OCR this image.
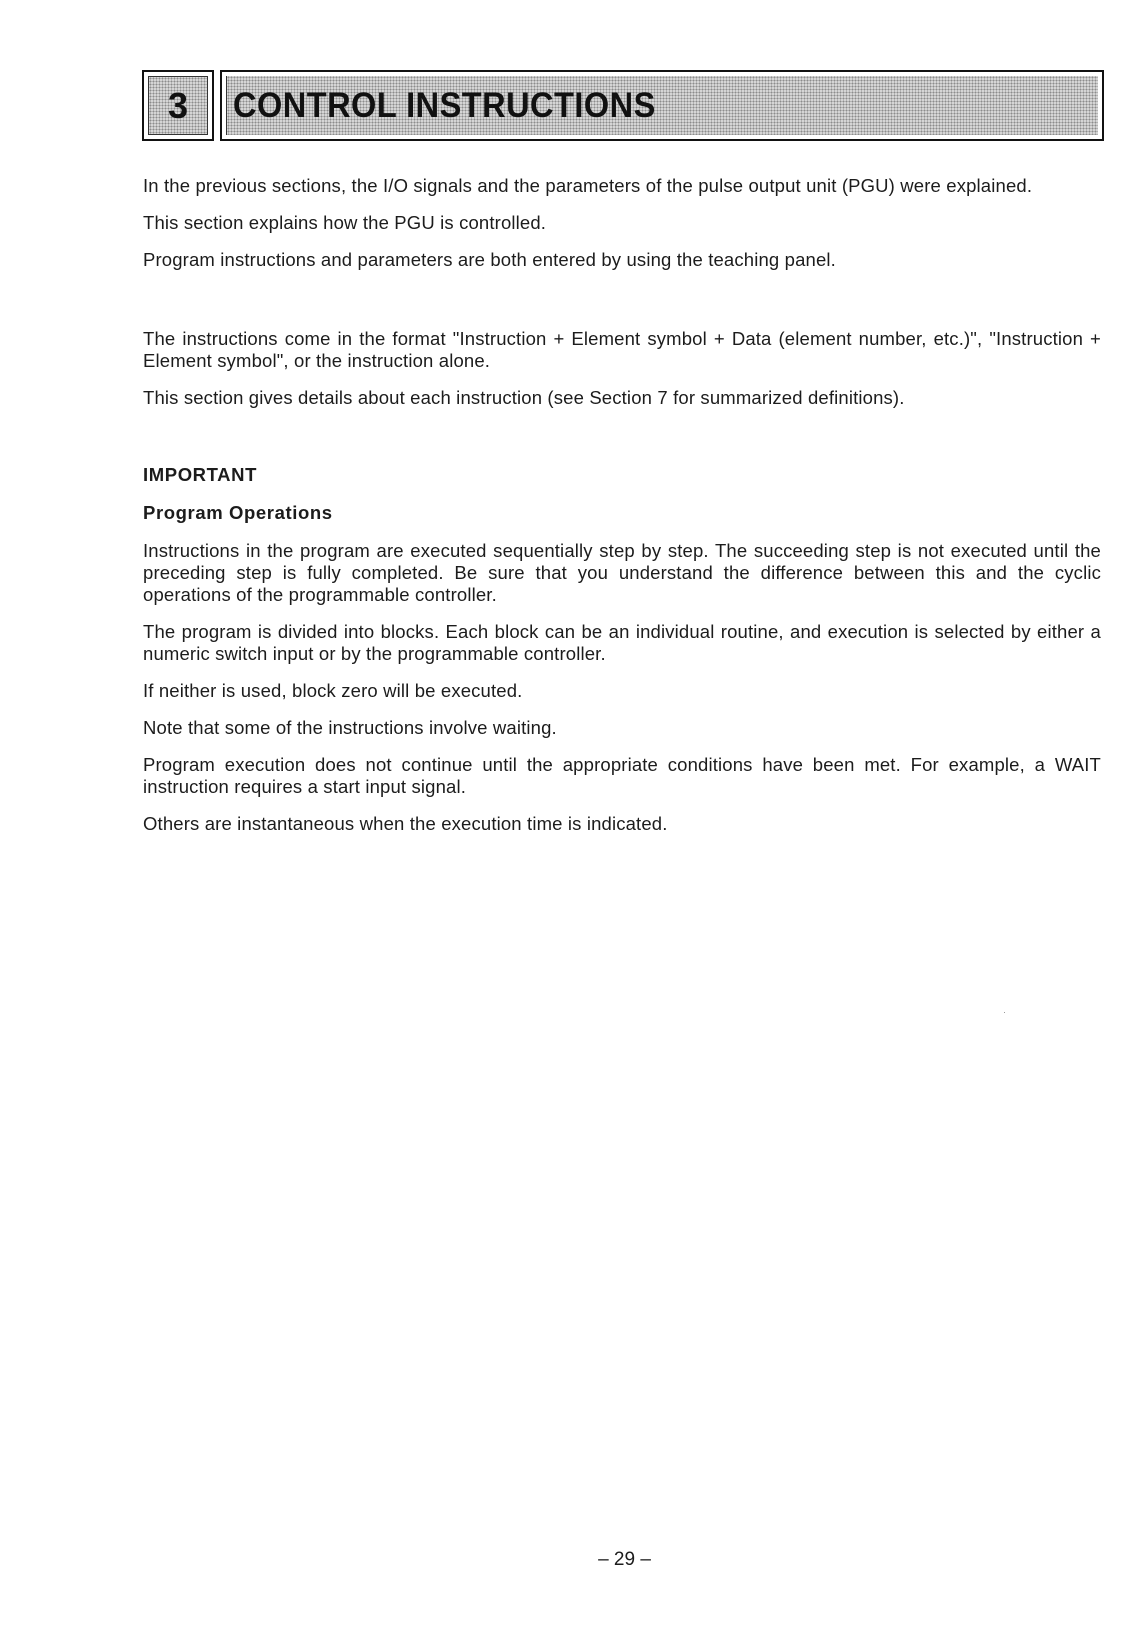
3 CONTROL INSTRUCTIONS

In the previous sections, the I/O signals and the parameters of the pulse output unit (PGU) were explained.

This section explains how the PGU is controlled.

Program instructions and parameters are both entered by using the teaching panel.

The instructions come in the format "Instruction + Element symbol + Data (element number, etc.)", "Instruction + Element symbol", or the instruction alone.

This section gives details about each instruction (see Section 7 for summarized definitions).

IMPORTANT

Program Operations

Instructions in the program are executed sequentially step by step. The succeeding step is not executed until the preceding step is fully completed. Be sure that you understand the difference between this and the cyclic operations of the programmable controller.

The program is divided into blocks. Each block can be an individual routine, and execution is selected by either a numeric switch input or by the programmable controller.

If neither is used, block zero will be executed.

Note that some of the instructions involve waiting.

Program execution does not continue until the appropriate conditions have been met. For example, a WAIT instruction requires a start input signal.

Others are instantaneous when the execution time is indicated.

– 29 –
